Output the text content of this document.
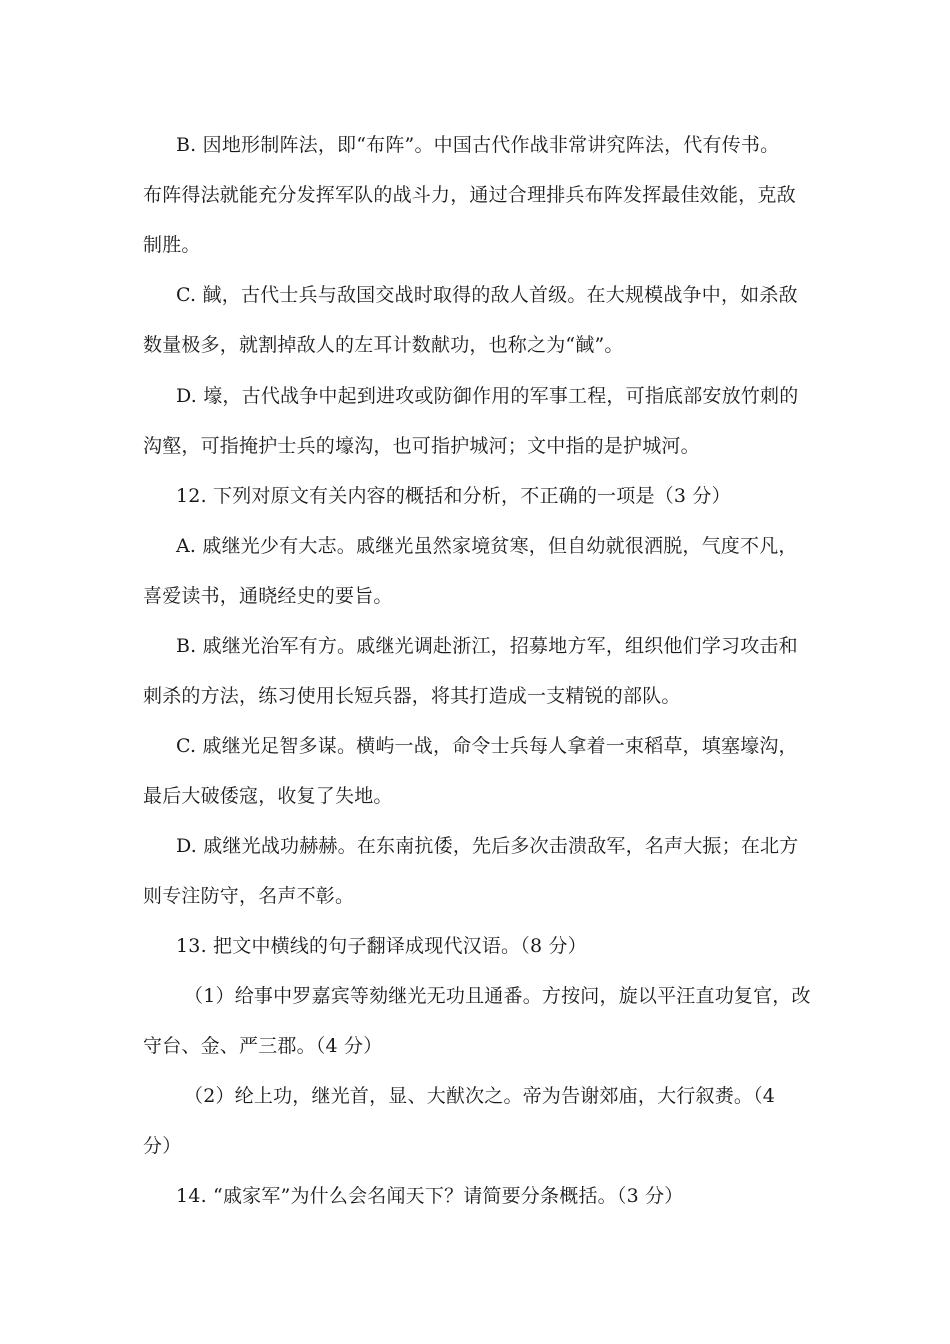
B. 因地形制阵法，即“布阵”。中国古代作战非常讲究阵法，代有传书。
布阵得法就能充分发挥军队的战斗力，通过合理排兵布阵发挥最佳效能，克敌
制胜。
C. 馘，古代士兵与敌国交战时取得的敌人首级。在大规模战争中，如杀敌
数量极多，就割掉敌人的左耳计数献功，也称之为“馘”。
D. 壕，古代战争中起到进攻或防御作用的军事工程，可指底部安放竹刺的
沟壑，可指掩护士兵的壕沟，也可指护城河；文中指的是护城河。
12. 下列对原文有关内容的概括和分析，不正确的一项是（3 分）
A. 戚继光少有大志。戚继光虽然家境贫寒，但自幼就很洒脱，气度不凡，
喜爱读书，通晓经史的要旨。
B. 戚继光治军有方。戚继光调赴浙江，招募地方军，组织他们学习攻击和
刺杀的方法，练习使用长短兵器，将其打造成一支精锐的部队。
C. 戚继光足智多谋。横屿一战，命令士兵每人拿着一束稻草，填塞壕沟，
最后大破倭寇，收复了失地。
D. 戚继光战功赫赫。在东南抗倭，先后多次击溃敌军，名声大振；在北方
则专注防守，名声不彰。
13. 把文中横线的句子翻译成现代汉语。（8 分）
（1）给事中罗嘉宾等劾继光无功且通番。方按问，旋以平汪直功复官，改
守台、金、严三郡。（4 分）
（2）纶上功，继光首，显、大猷次之。帝为告谢郊庙，大行叙赉。（4
分）
14. “戚家军”为什么会名闻天下？请简要分条概括。（3 分）
